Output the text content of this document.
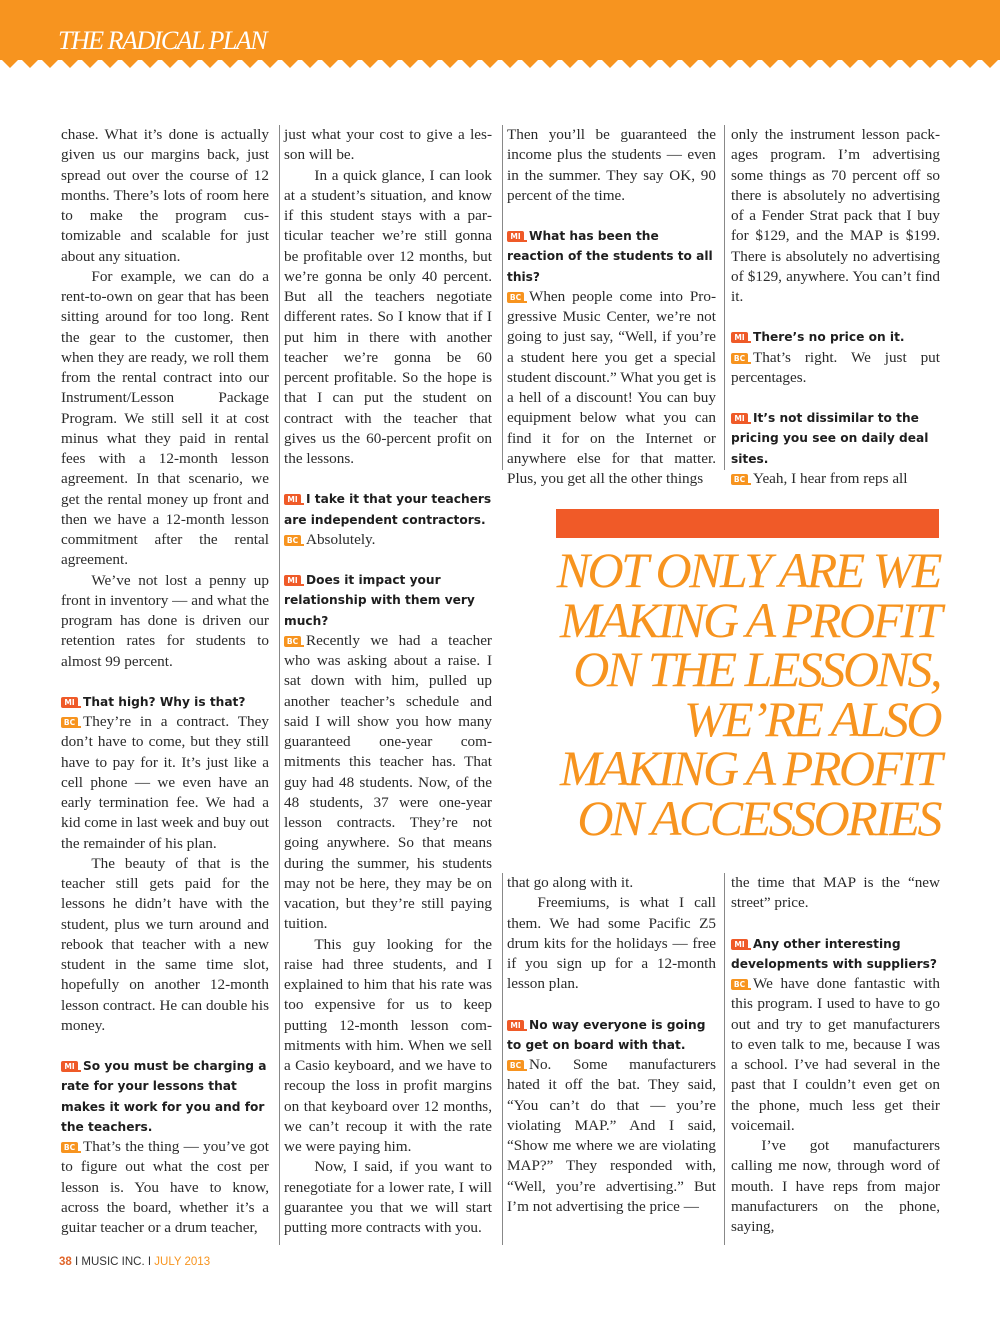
THE RADICAL PLAN

chase. What it’s done is actually given us our margins back, just spread out over the course of 12 months. There’s lots of room here to make the program customizable and scalable for just about any situation.

For example, we can do a rent-to-own on gear that has been sitting around for too long. Rent the gear to the customer, then when they are ready, we roll them from the rental contract into our Instrument/Lesson Package Program. We still sell it at cost minus what they paid in rental fees with a 12-month lesson agreement. In that scenario, we get the rental money up front and then we have a 12-month lesson commitment after the rental agreement.

We’ve not lost a penny up front in inventory — and what the program has done is driven our retention rates for students to almost 99 percent.

MI That high? Why is that?

BC They’re in a contract. They don’t have to come, but they still have to pay for it. It’s just like a cell phone — we even have an early termination fee. We had a kid come in last week and buy out the remainder of his plan.

The beauty of that is the teacher still gets paid for the lessons he didn’t have with the student, plus we turn around and rebook that teacher with a new student in the same time slot, hopefully on another 12-month lesson contract. He can double his money.

MI So you must be charging a rate for your lessons that makes it work for you and for the teachers.

BC That’s the thing — you’ve got to figure out what the cost per lesson is. You have to know, across the board, whether it’s a guitar teacher or a drum teacher,

just what your cost to give a lesson will be.

In a quick glance, I can look at a student’s situation, and know if this student stays with a particular teacher we’re still gonna be profitable over 12 months, but we’re gonna be only 40 percent. But all the teachers negotiate different rates. So I know that if I put him in there with another teacher we’re gonna be 60 percent profitable. So the hope is that I can put the student on contract with the teacher that gives us the 60-percent profit on the lessons.

MI I take it that your teachers are independent contractors.

BC Absolutely.

MI Does it impact your relationship with them very much?

BC Recently we had a teacher who was asking about a raise. I sat down with him, pulled up another teacher’s schedule and said I will show you how many guaranteed one-year commitments this teacher has. That guy had 48 students. Now, of the 48 students, 37 were one-year lesson contracts. They’re not going anywhere. So that means during the summer, his students may not be here, they may be on vacation, but they’re still paying tuition.

This guy looking for the raise had three students, and I explained to him that his rate was too expensive for us to keep putting 12-month lesson commitments with him. When we sell a Casio keyboard, and we have to recoup the loss in profit margins on that keyboard over 12 months, we can’t recoup it with the rate we were paying him.

Now, I said, if you want to renegotiate for a lower rate, I will guarantee you that we will start putting more contracts with you.

Then you’ll be guaranteed the income plus the students — even in the summer. They say OK, 90 percent of the time.

MI What has been the reaction of the students to all this?

BC When people come into Progressive Music Center, we’re not going to just say, “Well, if you’re a student here you get a special student discount.” What you get is a hell of a discount! You can buy equipment below what you can find it for on the Internet or anywhere else for that matter. Plus, you get all the other things

only the instrument lesson packages program. I’m advertising some things as 70 percent off so there is absolutely no advertising of a Fender Strat pack that I buy for $129, and the MAP is $199. There is absolutely no advertising of $129, anywhere. You can’t find it.

MI There’s no price on it.

BC That’s right. We just put percentages.

MI It’s not dissimilar to the pricing you see on daily deal sites.

BC Yeah, I hear from reps all

NOT ONLY ARE WE
MAKING A PROFIT
ON THE LESSONS,
WE’RE ALSO
MAKING A PROFIT
ON ACCESSORIES

that go along with it.

Freemiums, is what I call them. We had some Pacific Z5 drum kits for the holidays — free if you sign up for a 12-month lesson plan.

MI No way everyone is going to get on board with that.

BC No. Some manufacturers hated it off the bat. They said, “You can’t do that — you’re violating MAP.” And I said, “Show me where we are violating MAP?” They responded with, “Well, you’re advertising.” But I’m not advertising the price —

the time that MAP is the “new street” price.

MI Any other interesting developments with suppliers?

BC We have done fantastic with this program. I used to have to go out and try to get manufacturers to even talk to me, because I was a school. I’ve had several in the past that I couldn’t even get on the phone, much less get their voicemail.

I’ve got manufacturers calling me now, through word of mouth. I have reps from major manufacturers on the phone, saying,

38 I MUSIC INC. I JULY 2013
